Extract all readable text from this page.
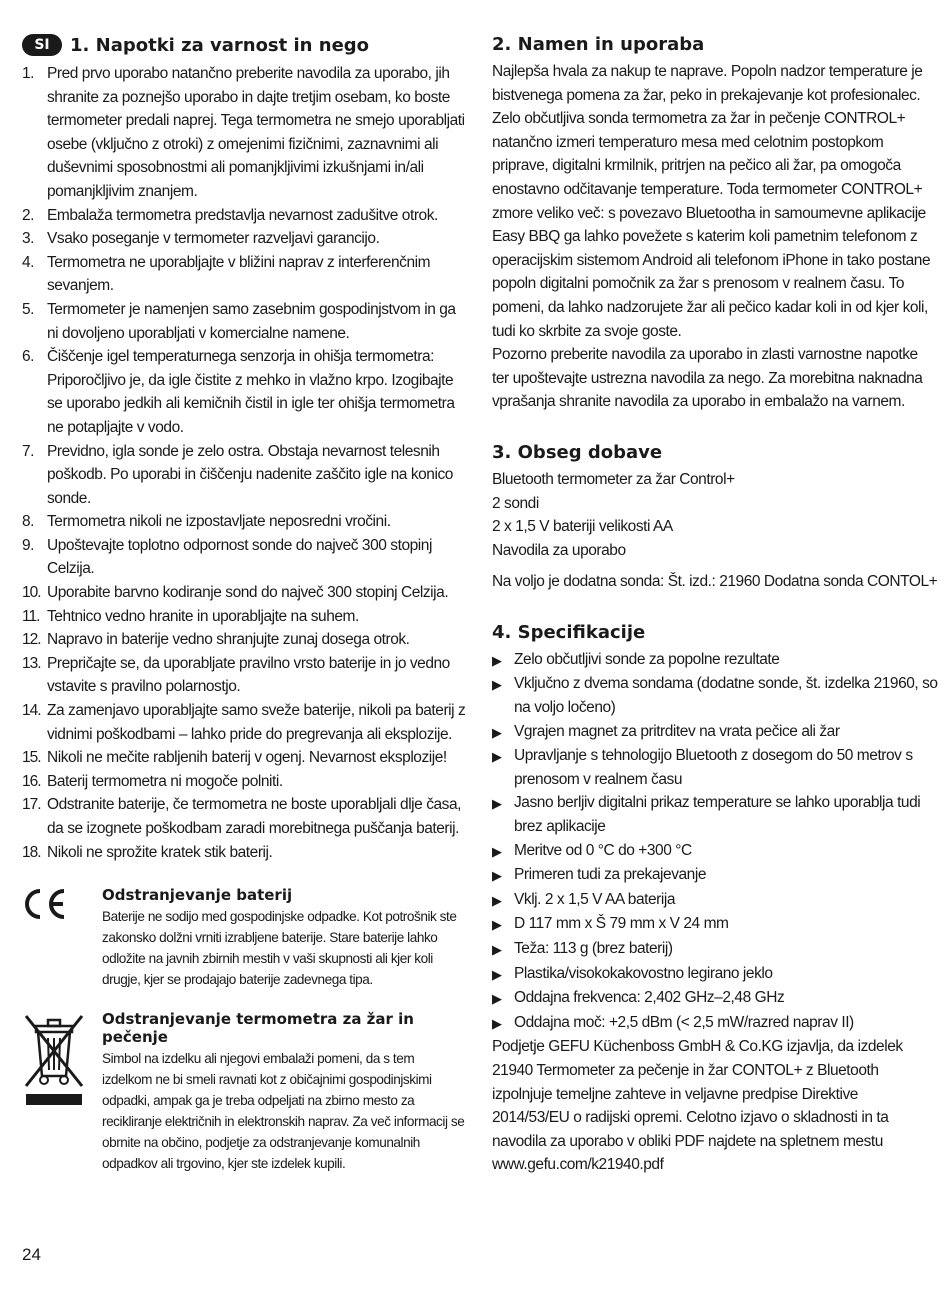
SI	1. Napotki za varnost in nego
1. Pred prvo uporabo natančno preberite navodila za uporabo, jih shranite za poznejšo uporabo in dajte tretjim osebam, ko boste termometer predali naprej. Tega termometra ne smejo uporabljati osebe (vključno z otroki) z omejenimi fizičnimi, zaznavnimi ali duševnimi sposobnostmi ali pomanjkljivimi izkušnjami in/ali pomanjkljivim znanjem.
2. Embalaža termometra predstavlja nevarnost zadušitve otrok.
3. Vsako poseganje v termometer razveljavi garancijo.
4. Termometra ne uporabljajte v bližini naprav z interferenčnim sevanjem.
5. Termometer je namenjen samo zasebnim gospodinjstvom in ga ni dovoljeno uporabljati v komercialne namene.
6. Čiščenje igel temperaturnega senzorja in ohišja termometra: Priporočljivo je, da igle čistite z mehko in vlažno krpo. Izogibajte se uporabo jedkih ali kemičnih čistil in igle ter ohišja termometra ne potapljajte v vodo.
7. Previdno, igla sonde je zelo ostra. Obstaja nevarnost telesnih poškodb. Po uporabi in čiščenju nadenite zaščito igle na konico sonde.
8. Termometra nikoli ne izpostavljate neposredni vročini.
9. Upoštevajte toplotno odpornost sonde do največ 300 stopinj Celzija.
10. Uporabite barvno kodiranje sond do največ 300 stopinj Celzija.
11. Tehtnico vedno hranite in uporabljajte na suhem.
12. Napravo in baterije vedno shranjujte zunaj dosega otrok.
13. Prepričajte se, da uporabljate pravilno vrsto baterije in jo vedno vstavite s pravilno polarnostjo.
14. Za zamenjavo uporabljajte samo sveže baterije, nikoli pa baterij z vidnimi poškodbami – lahko pride do pregrevanja ali eksplozije.
15. Nikoli ne mečite rabljenih baterij v ogenj. Nevarnost eksplozije!
16. Baterij termometra ni mogoče polniti.
17. Odstranite baterije, če termometra ne boste uporabljali dlje časa, da se izognete poškodbam zaradi morebitnega puščanja baterij.
18. Nikoli ne sprožite kratek stik baterij.
Odstranjevanje baterij

Baterije ne sodijo med gospodinjske odpadke. Kot potrošnik ste zakonsko dolžni vrniti izrabljene baterije. Stare baterije lahko odložite na javnih zbirnih mestih v vaši skupnosti ali kjer koli drugje, kjer se prodajajo baterije zadevnega tipa.

Odstranjevanje termometra za žar in pečenje

Simbol na izdelku ali njegovi embalaži pomeni, da s tem izdelkom ne bi smeli ravnati kot z običajnimi gospodinjskimi odpadki, ampak ga je treba odpeljati na zbirno mesto za recikliranje električnih in elektronskih naprav. Za več informacij se obrnite na občino, podjetje za odstranjevanje komunalnih odpadkov ali trgovino, kjer ste izdelek kupili.

2. Namen in uporaba

Najlepša hvala za nakup te naprave. Popoln nadzor temperature je bistvenega pomena za žar, peko in prekajevanje kot profesionalec. Zelo občutljiva sonda termometra za žar in pečenje CONTROL+ natančno izmeri temperaturo mesa med celotnim postopkom priprave, digitalni krmilnik, pritrjen na pečico ali žar, pa omogoča enostavno odčitavanje temperature. Toda termometer CONTROL+ zmore veliko več: s povezavo Bluetootha in samoumevne aplikacije Easy BBQ ga lahko povežete s katerim koli pametnim telefonom z operacijskim sistemom Android ali telefonom iPhone in tako postane popoln digitalni pomočnik za žar s prenosom v realnem času. To pomeni, da lahko nadzorujete žar ali pečico kadar koli in od kjer koli, tudi ko skrbite za svoje goste.

Pozorno preberite navodila za uporabo in zlasti varnostne napotke ter upoštevajte ustrezna navodila za nego. Za morebitna naknadna vprašanja shranite navodila za uporabo in embalažo na varnem.

3. Obseg dobave

Bluetooth termometer za žar Control+

2 sondi

2 x 1,5 V bateriji velikosti AA

Navodila za uporabo

Na voljo je dodatna sonda: Št. izd.: 21960 Dodatna sonda CONTOL+

4. Specifikacije
▶ Zelo občutljivi sonde za popolne rezultate
▶ Vključno z dvema sondama (dodatne sonde, št. izdelka 21960, so na voljo ločeno)
▶ Vgrajen magnet za pritrditev na vrata pečice ali žar
▶ Upravljanje s tehnologijo Bluetooth z dosegom do 50 metrov s prenosom v realnem času
▶ Jasno berljiv digitalni prikaz temperature se lahko uporablja tudi brez aplikacije
▶ Meritve od 0 °C do +300 °C
▶ Primeren tudi za prekajevanje
▶ Vklj. 2 x 1,5 V AA baterija
▶ D 117 mm x Š 79 mm x V 24 mm
▶ Teža: 113 g (brez baterij)
▶ Plastika/visokokakovostno legirano jeklo
▶ Oddajna frekvenca: 2,402 GHz–2,48 GHz
▶ Oddajna moč: +2,5 dBm (< 2,5 mW/razred naprav II)

Podjetje GEFU Küchenboss GmbH & Co.KG izjavlja, da izdelek 21940 Termometer za pečenje in žar CONTOL+ z Bluetooth izpolnjuje temeljne zahteve in veljavne predpise Direktive 2014/53/EU o radijski opremi. Celotno izjavo o skladnosti in ta navodila za uporabo v obliki PDF najdete na spletnem mestu www.gefu.com/k21940.pdf

24
